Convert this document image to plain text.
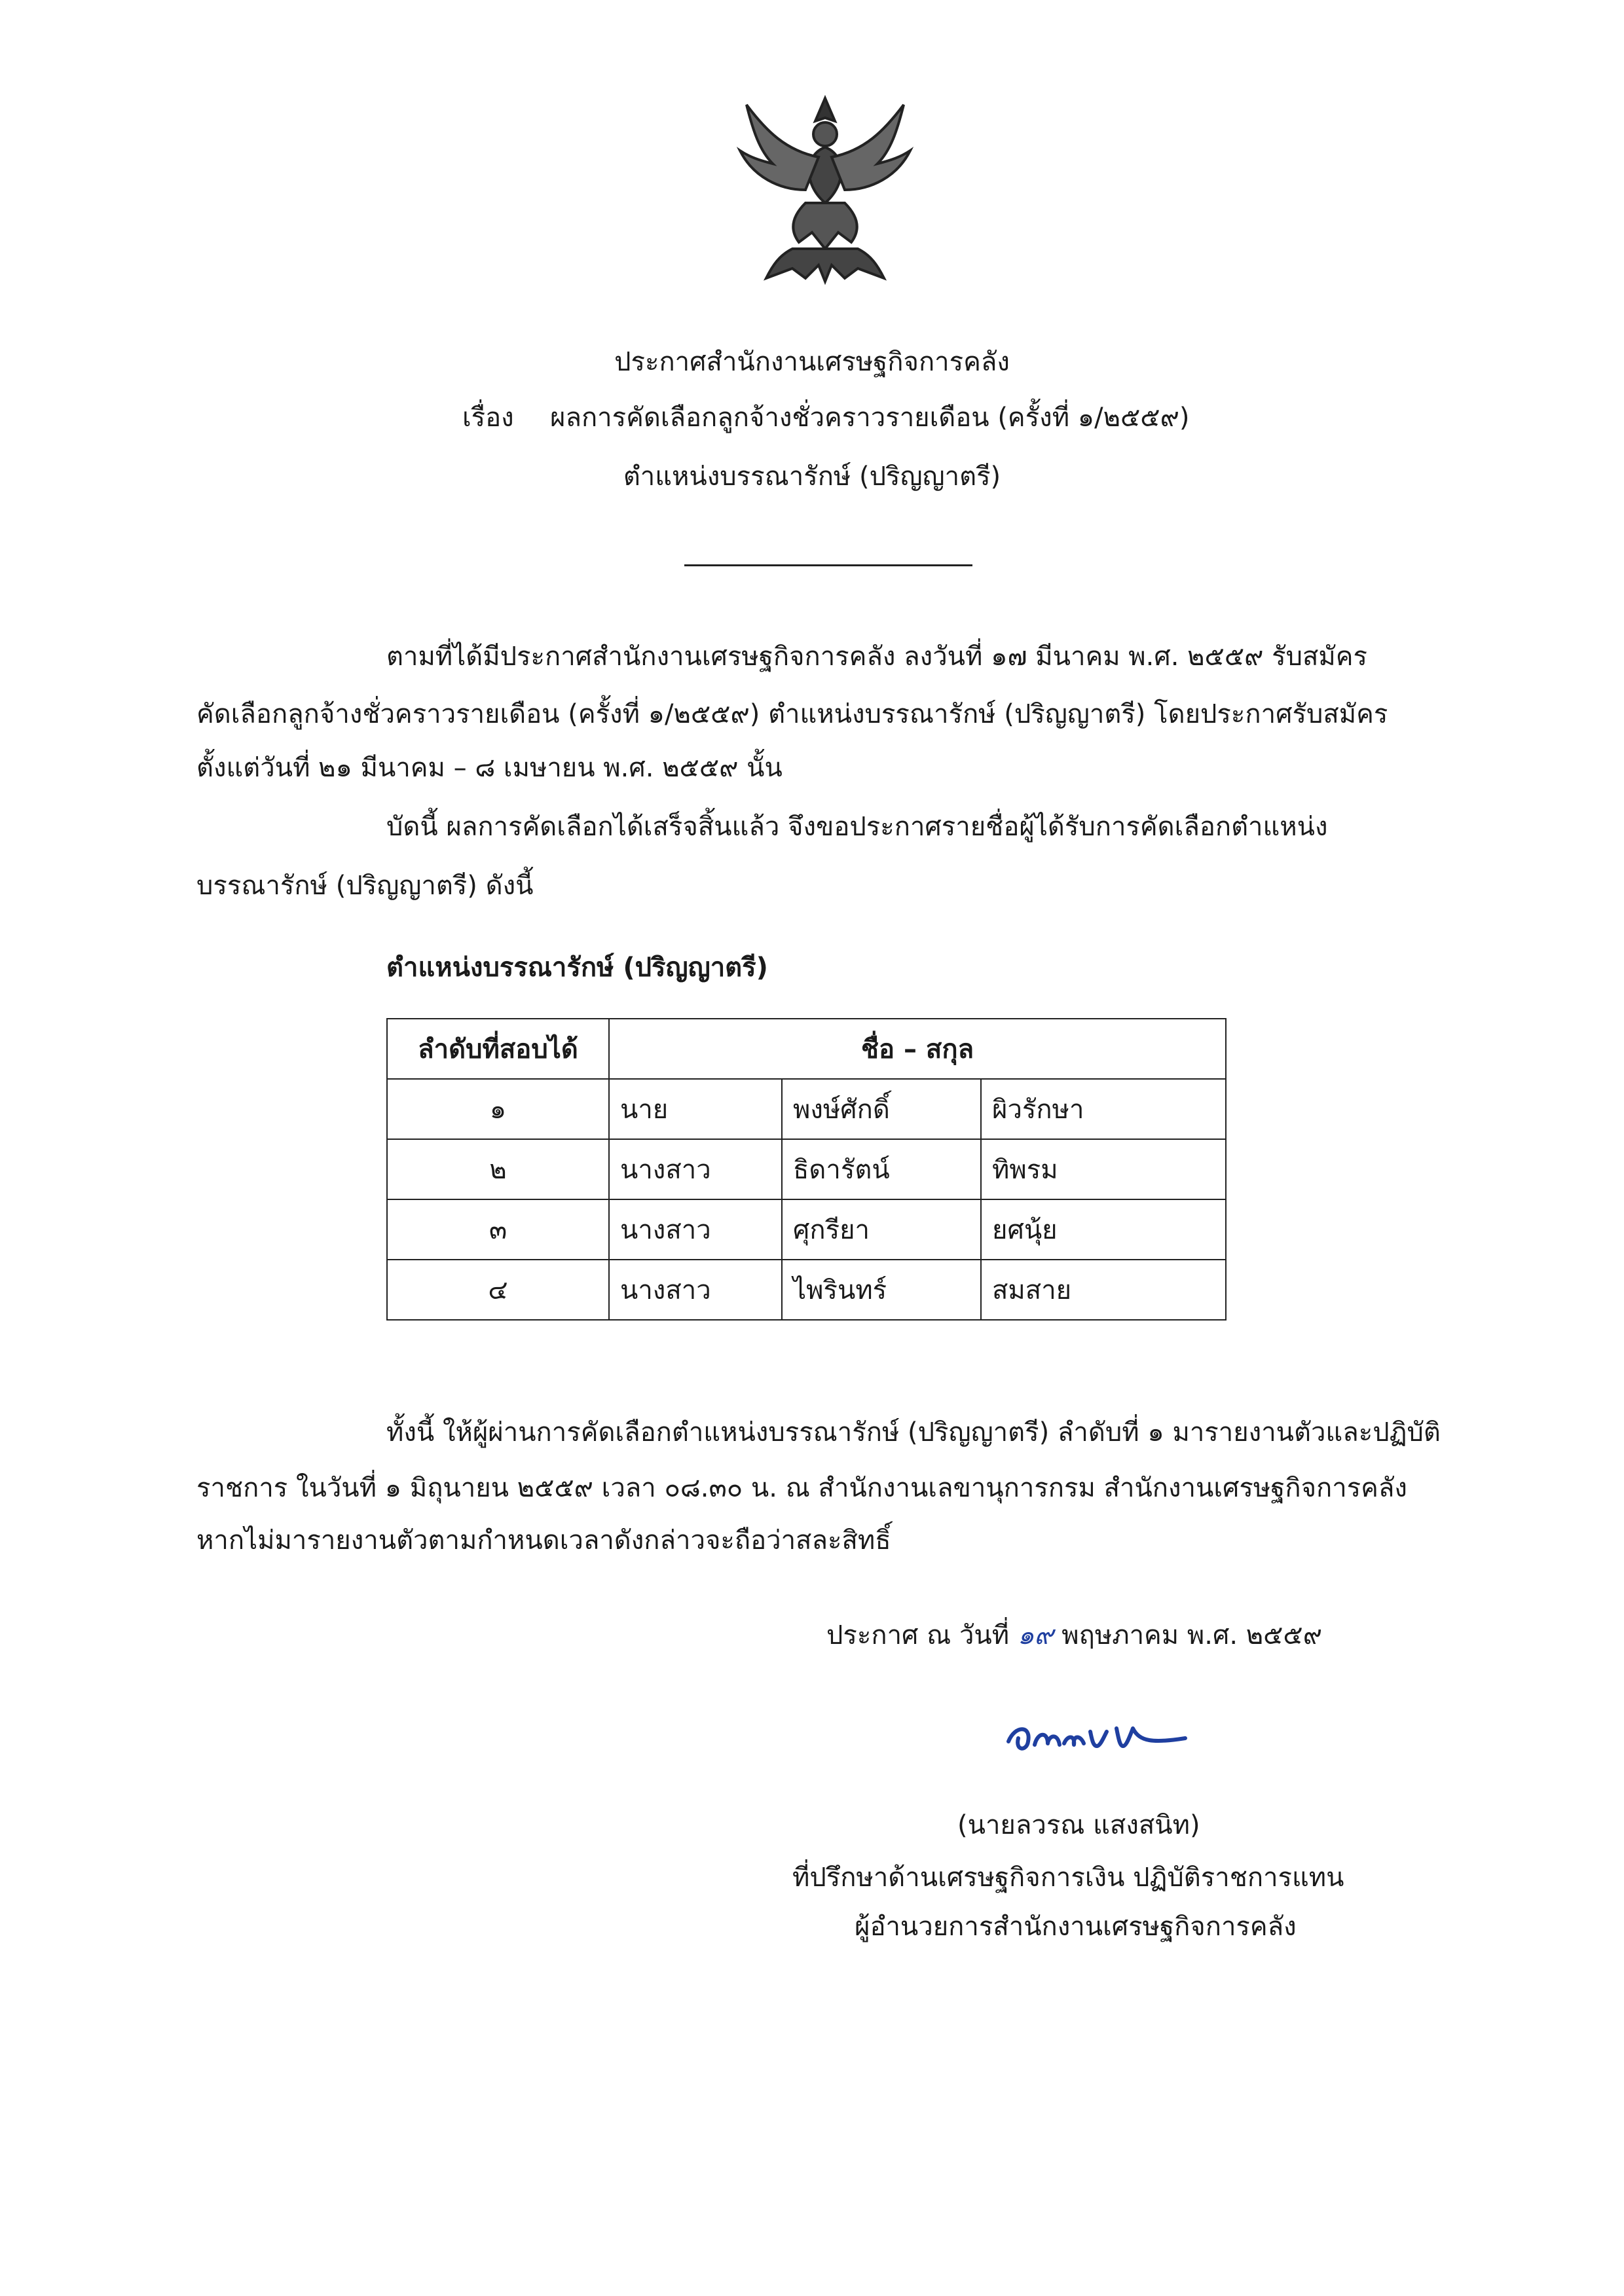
ประกาศสำนักงานเศรษฐกิจการคลัง
เรื่อง ผลการคัดเลือกลูกจ้างชั่วคราวรายเดือน (ครั้งที่ ๑/๒๕๕๙)
ตำแหน่งบรรณารักษ์ (ปริญญาตรี)
ตามที่ได้มีประกาศสำนักงานเศรษฐกิจการคลัง ลงวันที่ ๑๗ มีนาคม พ.ศ. ๒๕๕๙ รับสมัคร
คัดเลือกลูกจ้างชั่วคราวรายเดือน (ครั้งที่ ๑/๒๕๕๙) ตำแหน่งบรรณารักษ์ (ปริญญาตรี) โดยประกาศรับสมัคร
ตั้งแต่วันที่ ๒๑ มีนาคม – ๘ เมษายน พ.ศ. ๒๕๕๙ นั้น
บัดนี้ ผลการคัดเลือกได้เสร็จสิ้นแล้ว จึงขอประกาศรายชื่อผู้ได้รับการคัดเลือกตำแหน่ง
บรรณารักษ์ (ปริญญาตรี) ดังนี้
ตำแหน่งบรรณารักษ์ (ปริญญาตรี)
ลำดับที่สอบได้	ชื่อ – สกุล		
๑	นาย	พงษ์ศักดิ์	ผิวรักษา
๒	นางสาว	ธิดารัตน์	ทิพรม
๓	นางสาว	ศุกรียา	ยศนุ้ย
๔	นางสาว	ไพรินทร์	สมสาย
ทั้งนี้ ให้ผู้ผ่านการคัดเลือกตำแหน่งบรรณารักษ์ (ปริญญาตรี) ลำดับที่ ๑ มารายงานตัวและปฏิบัติ
ราชการ ในวันที่ ๑ มิถุนายน ๒๕๕๙ เวลา ๐๘.๓๐ น. ณ สำนักงานเลขานุการกรม สำนักงานเศรษฐกิจการคลัง
หากไม่มารายงานตัวตามกำหนดเวลาดังกล่าวจะถือว่าสละสิทธิ์
ประกาศ ณ วันที่ ๑๙ พฤษภาคม พ.ศ. ๒๕๕๙
(นายลวรณ แสงสนิท)
ที่ปรึกษาด้านเศรษฐกิจการเงิน ปฏิบัติราชการแทน
ผู้อำนวยการสำนักงานเศรษฐกิจการคลัง
